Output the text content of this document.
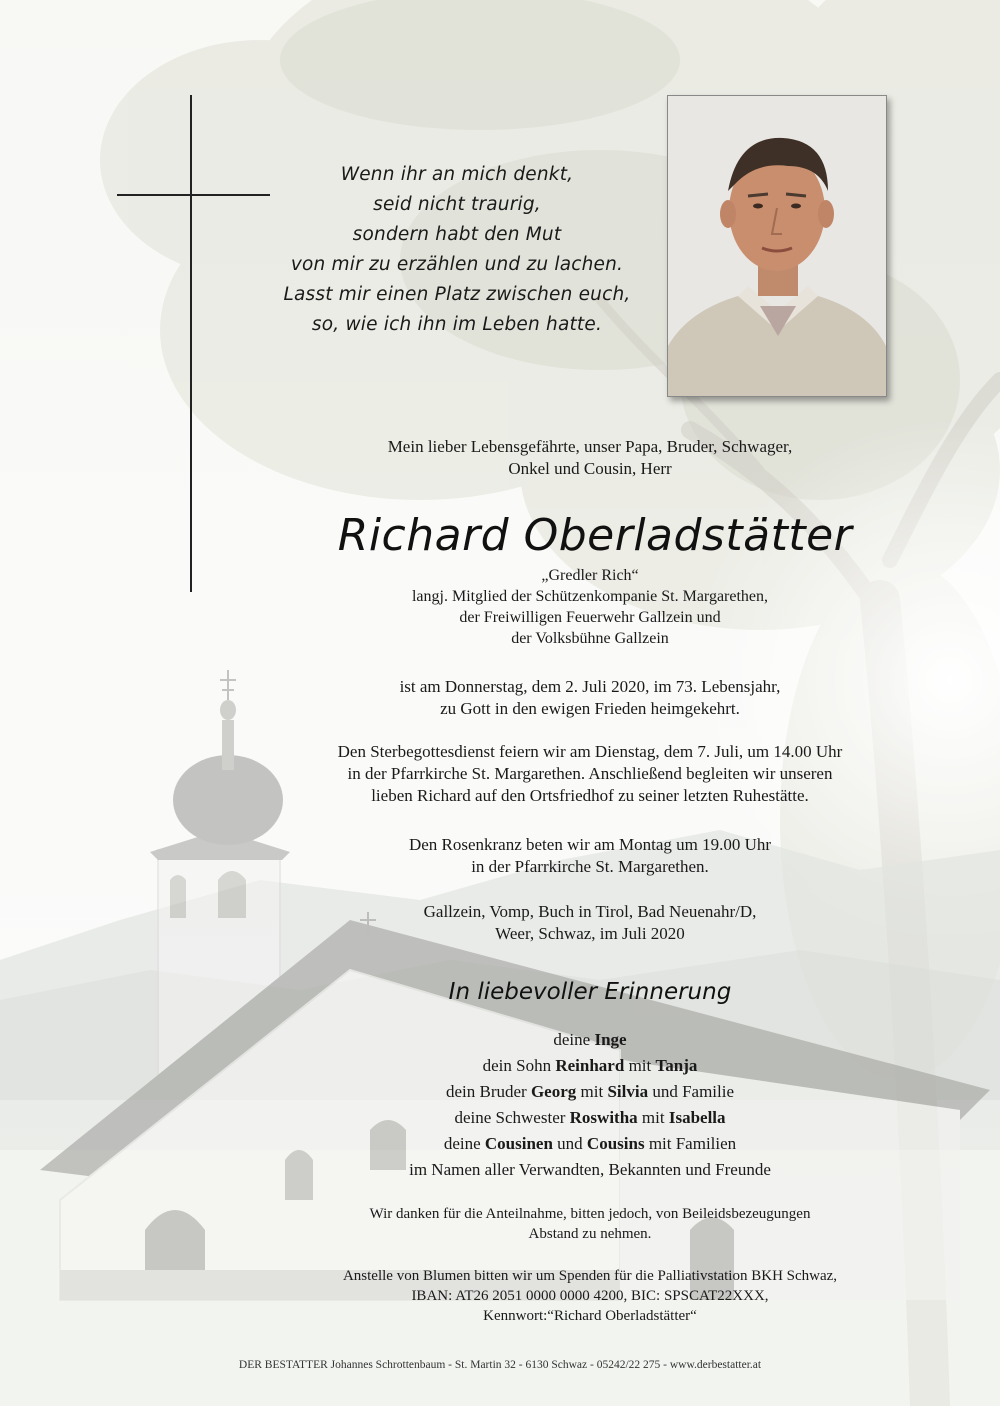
Wenn ihr an mich denkt,
seid nicht traurig,
sondern habt den Mut
von mir zu erzählen und zu lachen.
Lasst mir einen Platz zwischen euch,
so, wie ich ihn im Leben hatte.
Mein lieber Lebensgefährte, unser Papa, Bruder, Schwager,
Onkel und Cousin, Herr
Richard Oberladstätter
„Gredler Rich“
langj. Mitglied der Schützenkompanie St. Margarethen,
der Freiwilligen Feuerwehr Gallzein und
der Volksbühne Gallzein
ist am Donnerstag, dem 2. Juli 2020, im 73. Lebensjahr,
zu Gott in den ewigen Frieden heimgekehrt.
Den Sterbegottesdienst feiern wir am Dienstag, dem 7. Juli, um 14.00 Uhr
in der Pfarrkirche St. Margarethen. Anschließend begleiten wir unseren
lieben Richard auf den Ortsfriedhof zu seiner letzten Ruhestätte.
Den Rosenkranz beten wir am Montag um 19.00 Uhr
in der Pfarrkirche St. Margarethen.
Gallzein, Vomp, Buch in Tirol, Bad Neuenahr/D,
Weer, Schwaz, im Juli 2020
In liebevoller Erinnerung
deine Inge
dein Sohn Reinhard mit Tanja
dein Bruder Georg mit Silvia und Familie
deine Schwester Roswitha mit Isabella
deine Cousinen und Cousins mit Familien
im Namen aller Verwandten, Bekannten und Freunde
Wir danken für die Anteilnahme, bitten jedoch, von Beileidsbezeugungen
Abstand zu nehmen.
Anstelle von Blumen bitten wir um Spenden für die Palliativstation BKH Schwaz,
IBAN: AT26 2051 0000 0000 4200, BIC: SPSCAT22XXX,
Kennwort:“Richard Oberladstätter“
DER BESTATTER Johannes Schrottenbaum - St. Martin 32 - 6130 Schwaz - 05242/22 275 - www.derbestatter.at
